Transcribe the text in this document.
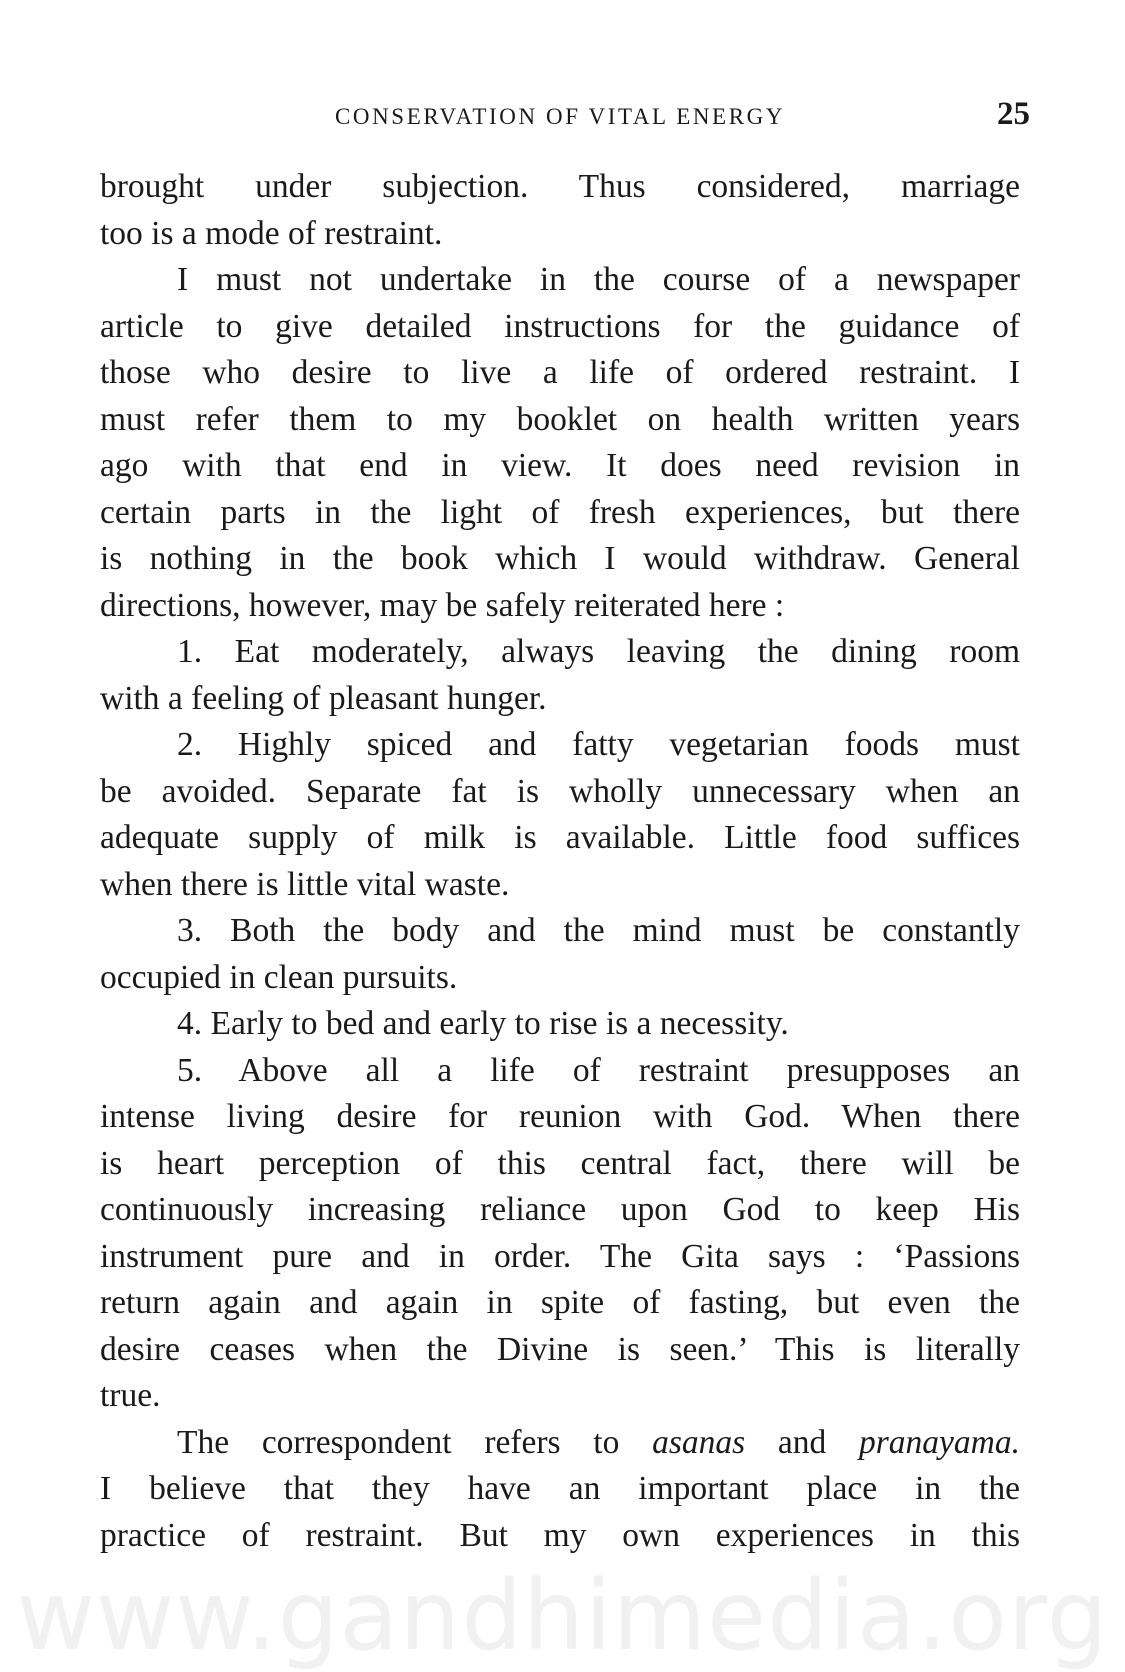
CONSERVATION OF VITAL ENERGY	25
brought under subjection. Thus considered, marriage
too is a mode of restraint.
I must not undertake in the course of a newspaper
article to give detailed instructions for the guidance of
those who desire to live a life of ordered restraint. I
must refer them to my booklet on health written years
ago with that end in view. It does need revision in
certain parts in the light of fresh experiences, but there
is nothing in the book which I would withdraw. General
directions, however, may be safely reiterated here :
1. Eat moderately, always leaving the dining room
with a feeling of pleasant hunger.
2. Highly spiced and fatty vegetarian foods must
be avoided. Separate fat is wholly unnecessary when an
adequate supply of milk is available. Little food suffices
when there is little vital waste.
3. Both the body and the mind must be constantly
occupied in clean pursuits.
4. Early to bed and early to rise is a necessity.
5. Above all a life of restraint presupposes an
intense living desire for reunion with God. When there
is heart perception of this central fact, there will be
continuously increasing reliance upon God to keep His
instrument pure and in order. The Gita says : ‘Passions
return again and again in spite of fasting, but even the
desire ceases when the Divine is seen.’ This is literally
true.
The correspondent refers to asanas and pranayama.
I believe that they have an important place in the
practice of restraint. But my own experiences in this
www.gandhimedia.org
